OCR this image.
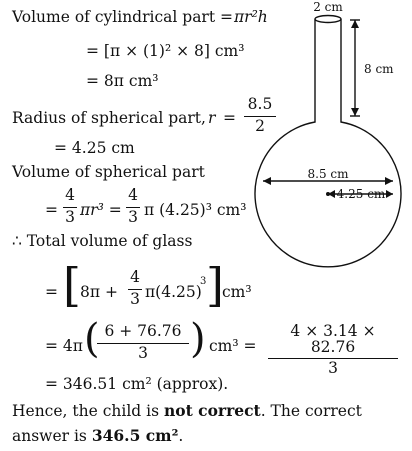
Volume of cylindrical part = πr²h
= [π × (1)² × 8] cm³
= 8π cm³
Radius of spherical part, r =
8.5
2
= 4.25 cm
Volume of spherical part
=
4
3 πr³ =
4
3 π (4.25)³ cm³
∴ Total volume of glass
= [ 8π +
4
3 π(4.25)
3 ]
cm³
= 4π ( 6 + 76.76
3	) cm³ =
4 × 3.14 × 82.76
3
= 346.51 cm² (approx).
Hence, the child is not correct. The correct
answer is 346.5 cm².
2 cm
8 cm
8.5 cm
4.25 cm
